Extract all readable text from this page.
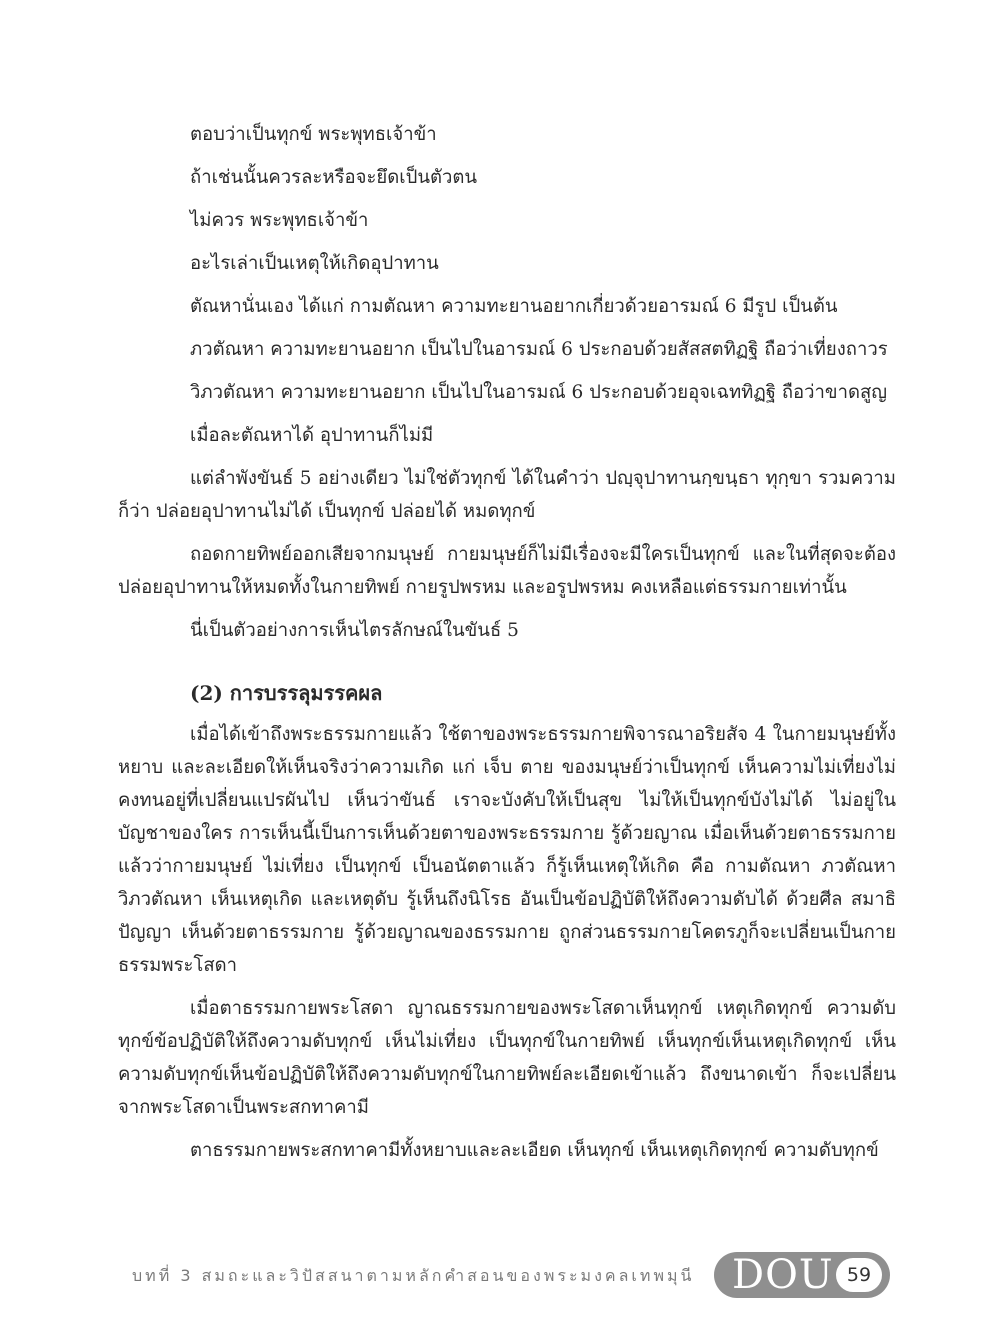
ตอบว่าเป็นทุกข์ พระพุทธเจ้าข้า
ถ้าเช่นนั้นควรละหรือจะยึดเป็นตัวตน
ไม่ควร พระพุทธเจ้าข้า
อะไรเล่าเป็นเหตุให้เกิดอุปาทาน
ตัณหานั่นเอง ได้แก่ กามตัณหา ความทะยานอยากเกี่ยวด้วยอารมณ์ 6 มีรูป เป็นต้น
ภวตัณหา ความทะยานอยาก เป็นไปในอารมณ์ 6 ประกอบด้วยสัสสตทิฏฐิ ถือว่าเที่ยงถาวร
วิภวตัณหา ความทะยานอยาก เป็นไปในอารมณ์ 6 ประกอบด้วยอุจเฉททิฏฐิ ถือว่าขาดสูญ
เมื่อละตัณหาได้ อุปาทานก็ไม่มี

แต่ลำพังขันธ์ 5 อย่างเดียว ไม่ใช่ตัวทุกข์ ได้ในคำว่า ปญฺจุปาทานกฺขนฺธา ทุกฺขา รวมความก็ว่า ปล่อยอุปาทานไม่ได้ เป็นทุกข์ ปล่อยได้ หมดทุกข์

ถอดกายทิพย์ออกเสียจากมนุษย์ กายมนุษย์ก็ไม่มีเรื่องจะมีใครเป็นทุกข์ และในที่สุดจะต้องปล่อยอุปาทานให้หมดทั้งในกายทิพย์ กายรูปพรหม และอรูปพรหม คงเหลือแต่ธรรมกายเท่านั้น

นี่เป็นตัวอย่างการเห็นไตรลักษณ์ในขันธ์ 5

(2) การบรรลุมรรคผล

เมื่อได้เข้าถึงพระธรรมกายแล้ว ใช้ตาของพระธรรมกายพิจารณาอริยสัจ 4 ในกายมนุษย์ทั้งหยาบ และละเอียดให้เห็นจริงว่าความเกิด แก่ เจ็บ ตาย ของมนุษย์ว่าเป็นทุกข์ เห็นความไม่เที่ยงไม่คงทนอยู่ที่เปลี่ยนแปรผันไป เห็นว่าขันธ์ เราจะบังคับให้เป็นสุข ไม่ให้เป็นทุกข์บังไม่ได้ ไม่อยู่ในบัญชาของใคร การเห็นนี้เป็นการเห็นด้วยตาของพระธรรมกาย รู้ด้วยญาณ เมื่อเห็นด้วยตาธรรมกายแล้วว่ากายมนุษย์ ไม่เที่ยง เป็นทุกข์ เป็นอนัตตาแล้ว ก็รู้เห็นเหตุให้เกิด คือ กามตัณหา ภวตัณหา วิภวตัณหา เห็นเหตุเกิด และเหตุดับ รู้เห็นถึงนิโรธ อันเป็นข้อปฏิบัติให้ถึงความดับได้ ด้วยศีล สมาธิ ปัญญา เห็นด้วยตาธรรมกาย รู้ด้วยญาณของธรรมกาย ถูกส่วนธรรมกายโคตรภูก็จะเปลี่ยนเป็นกายธรรมพระโสดา

เมื่อตาธรรมกายพระโสดา ญาณธรรมกายของพระโสดาเห็นทุกข์ เหตุเกิดทุกข์ ความดับทุกข์ข้อปฏิบัติให้ถึงความดับทุกข์ เห็นไม่เที่ยง เป็นทุกข์ในกายทิพย์ เห็นทุกข์เห็นเหตุเกิดทุกข์ เห็นความดับทุกข์เห็นข้อปฏิบัติให้ถึงความดับทุกข์ในกายทิพย์ละเอียดเข้าแล้ว ถึงขนาดเข้า ก็จะเปลี่ยนจากพระโสดาเป็นพระสกทาคามี

ตาธรรมกายพระสกทาคามีทั้งหยาบและละเอียด เห็นทุกข์ เห็นเหตุเกิดทุกข์ ความดับทุกข์

บทที่ 3 สมถะและวิปัสสนาตามหลักคำสอนของพระมงคลเทพมุนี DOU 59
